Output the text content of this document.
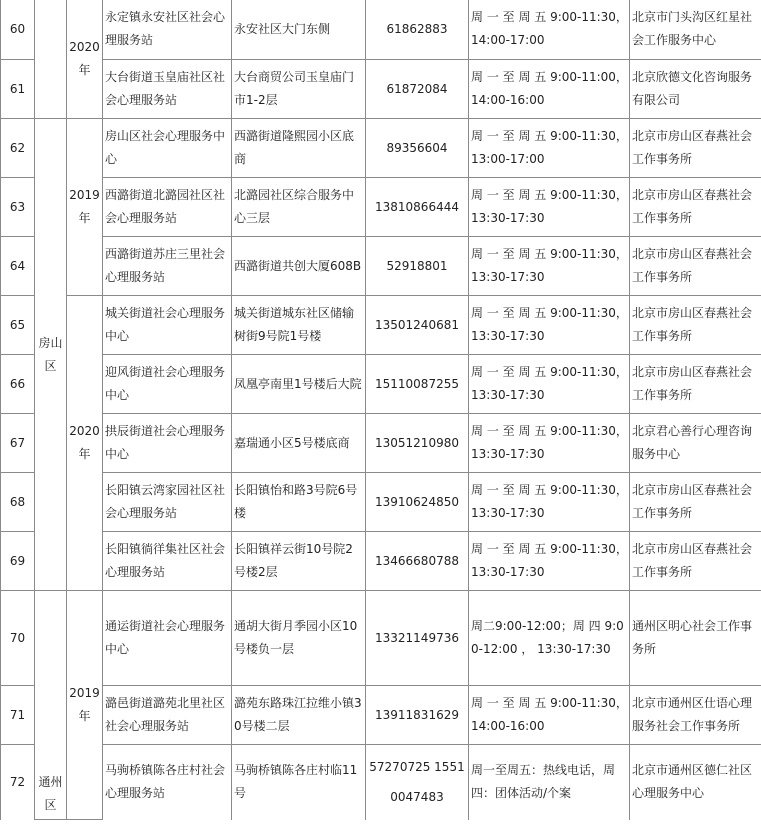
60		2020年	永定镇永安社区社会心理服务站	永安社区大门东侧	61862883	周 一 至 周 五 9:00-11:30，14:00-17:00	北京市门头沟区红星社会工作服务中心
61			大台街道玉皇庙社区社会心理服务站	大台商贸公司玉皇庙门市1-2层	61872084	周 一 至 周 五 9:00-11:00，14:00-16:00	北京欣德文化咨询服务有限公司
62	房山区	2019年	房山区社会心理服务中心	西潞街道隆熙园小区底商	89356604	周 一 至 周 五 9:00-11:30，13:00-17:00	北京市房山区春燕社会工作事务所
63			西潞街道北潞园社区社会心理服务站	北潞园社区综合服务中心三层	13810866444	周 一 至 周 五 9:00-11:30，13:30-17:30	北京市房山区春燕社会工作事务所
64			西潞街道苏庄三里社会心理服务站	西潞街道共创大厦608B	52918801	周 一 至 周 五 9:00-11:30，13:30-17:30	北京市房山区春燕社会工作事务所
65		2020年	城关街道社会心理服务中心	城关街道城东社区储输树街9号院1号楼	13501240681	周 一 至 周 五 9:00-11:30，13:30-17:30	北京市房山区春燕社会工作事务所
66			迎风街道社会心理服务中心	凤凰亭南里1号楼后大院	15110087255	周 一 至 周 五 9:00-11:30，13:30-17:30	北京市房山区春燕社会工作事务所
67			拱辰街道社会心理服务中心	嘉瑞通小区5号楼底商	13051210980	周 一 至 周 五 9:00-11:30，13:30-17:30	北京君心善行心理咨询服务中心
68			长阳镇云湾家园社区社会心理服务站	长阳镇怡和路3号院6号楼	13910624850	周 一 至 周 五 9:00-11:30，13:30-17:30	北京市房山区春燕社会工作事务所
69			长阳镇徜徉集社区社会心理服务站	长阳镇祥云街10号院2号楼2层	13466680788	周 一 至 周 五 9:00-11:30，13:30-17:30	北京市房山区春燕社会工作事务所
70	通州区	2019年	通运街道社会心理服务中心	通胡大街月季园小区10号楼负一层	13321149736	周二9:00-12:00；周 四 9:00-12:00 ， 13:30-17:30	通州区明心社会工作事务所
71			潞邑街道潞苑北里社区社会心理服务站	潞苑东路珠江拉维小镇30号楼二层	13911831629	周 一 至 周 五 9:00-11:30，14:00-16:00	北京市通州区仕语心理服务社会工作事务所
72			马驹桥镇陈各庄村社会心理服务站	马驹桥镇陈各庄村临11号	57270725 15510047483	周一至周五：热线电话，周四：团体活动/个案	北京市通州区德仁社区心理服务中心
